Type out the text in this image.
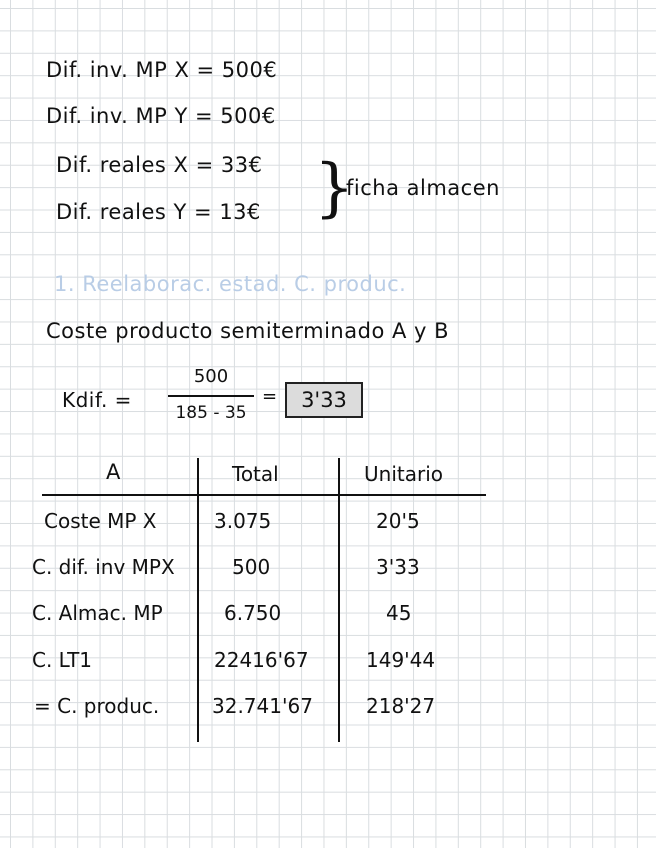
Dif. inv. MP X = 500€
Dif. inv. MP Y = 500€
Dif. reales X = 33€
Dif. reales Y = 13€ }
ficha almacen
1. Reelaborac. estad. C. produc.
Coste producto semiterminado A y B
Kdif. =
500
185 - 35
=	3'33
A	Total	Unitario
Coste MP X	3.075	20'5
C. dif. inv MPX	500	3'33
C. Almac. MP	6.750	45
C. LT1	22416'67	149'44
= C. produc.	32.741'67	218'27
